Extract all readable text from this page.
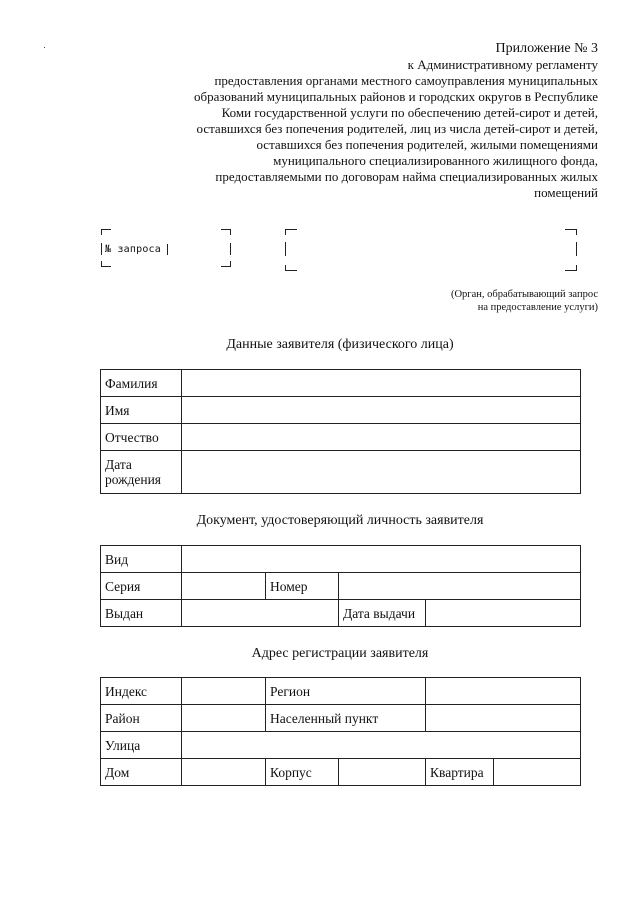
Приложение № 3
к Административному регламенту
предоставления органами местного самоуправления муниципальных
образований муниципальных районов и городских округов в Республике
Коми государственной услуги по обеспечению детей-сирот и детей,
оставшихся без попечения родителей, лиц из числа детей-сирот и детей,
оставшихся без попечения родителей, жилыми помещениями
муниципального специализированного жилищного фонда,
предоставляемыми по договорам найма специализированных жилых
помещений
№ запроса
(Орган, обрабатывающий запрос
на предоставление услуги)
Данные заявителя (физического лица)
Фамилия	
Имя	
Отчество	
Дата
рождения	
Документ, удостоверяющий личность заявителя
Вид				
Серия		Номер		
Выдан			Дата выдачи	
Адрес регистрации заявителя
Индекс		Регион			
Район		Населенный пункт			
Улица					
Дом		Корпус		Квартира	
